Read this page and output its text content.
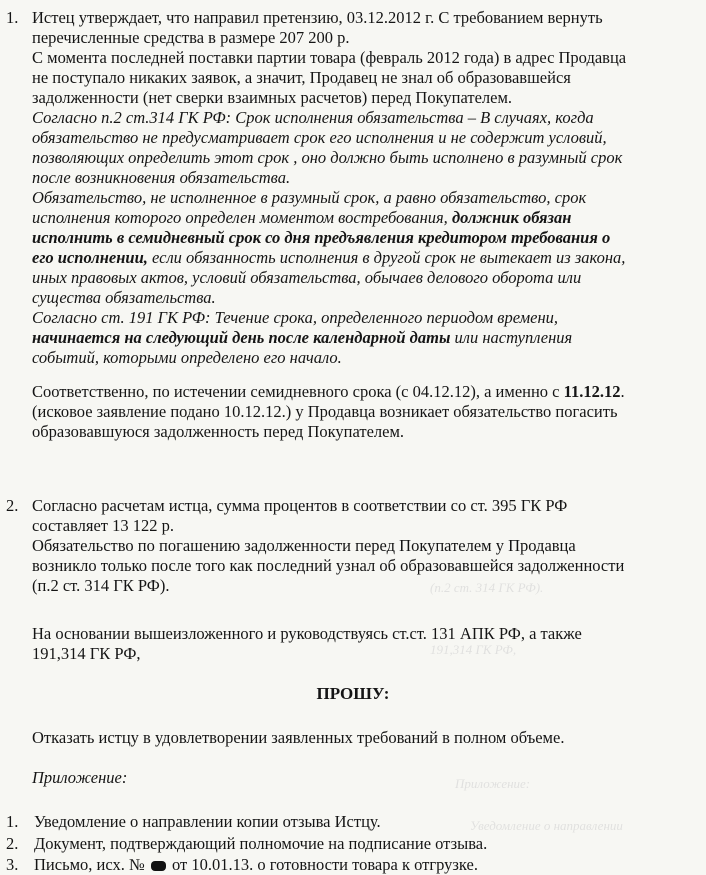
(п.2 ст. 314 ГК РФ).
191,314 ГК РФ,
Приложение:
Уведомление о направлении
1. Истец утверждает, что направил претензию, 03.12.2012 г. С требованием вернуть
перечисленные средства в размере 207 200 р.
С момента последней поставки партии товара (февраль 2012 года) в адрес Продавца
не поступало никаких заявок, а значит, Продавец не знал об образовавшейся
задолженности (нет сверки взаимных расчетов) перед Покупателем.
Согласно п.2 ст.314 ГК РФ: Срок исполнения обязательства – В случаях, когда
обязательство не предусматривает срок его исполнения и не содержит условий,
позволяющих определить этот срок , оно должно быть исполнено в разумный срок
после возникновения обязательства.
Обязательство, не исполненное в разумный срок, а равно обязательство, срок
исполнения которого определен моментом востребования, должник обязан
исполнить в семидневный срок со дня предъявления кредитором требования о
его исполнении, если обязанность исполнения в другой срок не вытекает из закона,
иных правовых актов, условий обязательства, обычаев делового оборота или
существа обязательства.
Согласно ст. 191 ГК РФ: Течение срока, определенного периодом времени,
начинается на следующий день после календарной даты или наступления
событий, которыми определено его начало.
Соответственно, по истечении семидневного срока (с 04.12.12), а именно с 11.12.12.
(исковое заявление подано 10.12.12.) у Продавца возникает обязательство погасить
образовавшуюся задолженность перед Покупателем.
2. Согласно расчетам истца, сумма процентов в соответствии со ст. 395 ГК РФ
составляет 13 122 р.
Обязательство по погашению задолженности перед Покупателем у Продавца
возникло только после того как последний узнал об образовавшейся задолженности
(п.2 ст. 314 ГК РФ).
На основании вышеизложенного и руководствуясь ст.ст. 131 АПК РФ, а также
191,314 ГК РФ,
ПРОШУ:
Отказать истцу в удовлетворении заявленных требований в полном объеме.
Приложение:
1. Уведомление о направлении копии отзыва Истцу.
2. Документ, подтверждающий полномочие на подписание отзыва.
3. Письмо, исх. № от 10.01.13. о готовности товара к отгрузке.
